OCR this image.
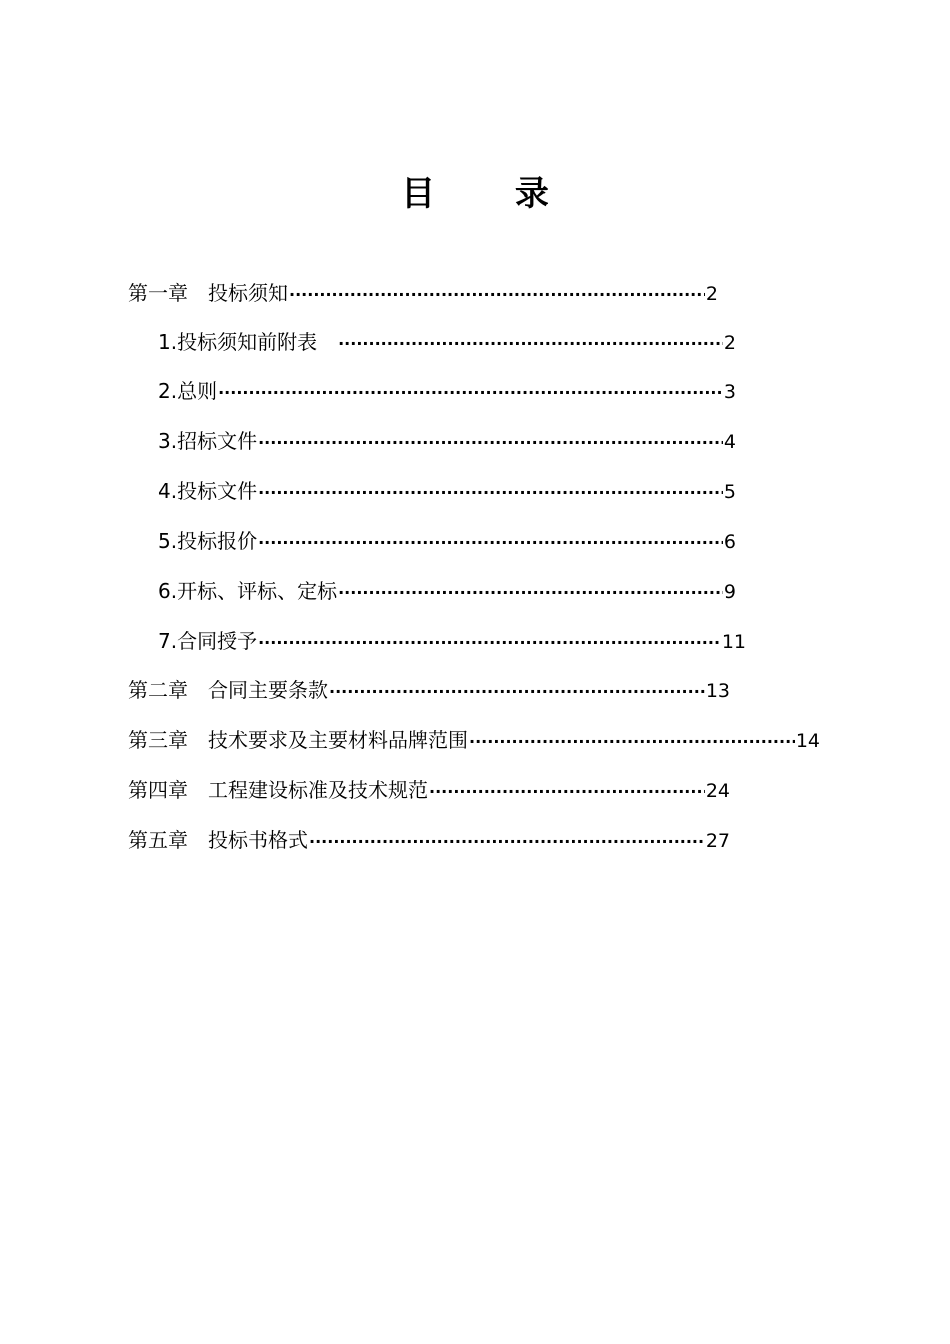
目 录
第一章 投标须知 ·····	2
1. 投标须知前附表 ·····	2
2. 总则 ·····	3
3. 招标文件 ·····	4
4. 投标文件 ·····	5
5. 投标报价 ·····	6
6. 开标、评标、定标 ·····	9
7. 合同授予 ·····	11
第二章 合同主要条款 ·····	13
第三章 技术要求及主要材料品牌范围 ·····	14
第四章 工程建设标准及技术规范 ·····	24
第五章 投标书格式 ·····	27
